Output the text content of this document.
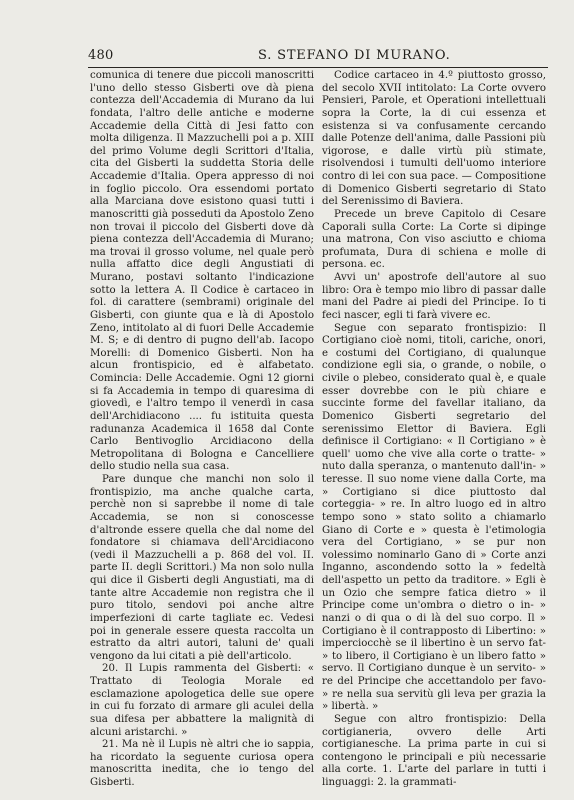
480	S. STEFANO DI MURANO.

comunica di tenere due piccoli manoscritti l'uno dello stesso Gisberti ove dà piena contezza dell'Accademia di Murano da lui fondata, l'altro delle antiche e moderne Accademie della Città di Jesi fatto con molta diligenza. Il Mazzuchelli poi a p. XIII del primo Volume degli Scrittori d'Italia, cita del Gisberti la suddetta Storia delle Accademie d'Italia. Opera appresso di noi in foglio piccolo. Ora essendomi portato alla Marciana dove esistono quasi tutti i manoscritti già posseduti da Apostolo Zeno non trovai il piccolo del Gisberti dove dà piena contezza dell'Accademia di Murano; ma trovai il grosso volume, nel quale però nulla affatto dice degli Angustiati di Murano, postavi soltanto l'indicazione sotto la lettera A. Il Codice è cartaceo in fol. di carattere (sembrami) originale del Gisberti, con giunte qua e là di Apostolo Zeno, intitolato al di fuori Delle Accademie M. S; e di dentro di pugno dell'ab. Iacopo Morelli: di Domenico Gisberti. Non ha alcun frontispicio, ed è alfabetato. Comincia: Delle Accademie. Ogni 12 giorni si fa Accademia in tempo di quaresima di giovedì, e l'altro tempo il venerdì in casa dell'Archidiacono .... fu istituita questa radunanza Academica il 1658 dal Conte Carlo Bentivoglio Arcidiacono della Metropolitana di Bologna e Cancelliere dello studio nella sua casa.

Pare dunque che manchi non solo il frontispizio, ma anche qualche carta, perchè non si saprebbe il nome di tale Accademia, se non si conoscesse d'altronde essere quella che dal nome del fondatore si chiamava dell'Arcidiacono (vedi il Mazzuchelli a p. 868 del vol. II. parte II. degli Scrittori.) Ma non solo nulla qui dice il Gisberti degli Angustiati, ma di tante altre Accademie non registra che il puro titolo, sendovi poi anche altre imperfezioni di carte tagliate ec. Vedesi poi in generale essere questa raccolta un estratto da altri autori, taluni de' quali vengono da lui citati a piè dell'articolo.

20. Il Lupis rammenta del Gisberti: « Trattato di Teologia Morale ed esclamazione apologetica delle sue opere in cui fu forzato di armare gli aculei della sua difesa per abbattere la malignità di alcuni aristarchi. »

21. Ma nè il Lupis nè altri che io sappia, ha ricordato la seguente curiosa opera manoscritta inedita, che io tengo del Gisberti.

Codice cartaceo in 4.º piuttosto grosso, del secolo XVII intitolato: La Corte ovvero Pensieri, Parole, et Operationi intellettuali sopra la Corte, la di cui essenza et esistenza si va confusamente cercando dalle Potenze dell'anima, dalle Passioni più vigorose, e dalle virtù più stimate, risolvendosi i tumulti dell'uomo interiore contro di lei con sua pace. — Compositione di Domenico Gisberti segretario di Stato del Serenissimo di Baviera.

Precede un breve Capitolo di Cesare Caporali sulla Corte: La Corte si dipinge una matrona, Con viso asciutto e chioma profumata, Dura di schiena e molle di persona. ec.

Avvi un' apostrofe dell'autore al suo libro: Ora è tempo mio libro di passar dalle mani del Padre ai piedi del Principe. Io ti feci nascer, egli ti farà vivere ec.

Segue con separato frontispizio: Il Cortigiano cioè nomi, titoli, cariche, onori, e costumi del Cortigiano, di qualunque condizione egli sia, o grande, o nobile, o civile o plebeo, considerato qual è, e quale esser dovrebbe con le più chiare e succinte forme del favellar italiano, da Domenico Gisberti segretario del serenissimo Elettor di Baviera. Egli definisce il Cortigiano: « Il Cortigiano » è quell' uomo che vive alla corte o tratte- » nuto dalla speranza, o mantenuto dall'in- » teresse. Il suo nome viene dalla Corte, ma » Cortigiano si dice piuttosto dal corteggia- » re. In altro luogo ed in altro tempo sono » stato solito a chiamarlo Giano di Corte e » questa è l'etimologia vera del Cortigiano, » se pur non volessimo nominarlo Gano di » Corte anzi Inganno, ascondendo sotto la » fedeltà dell'aspetto un petto da traditore. » Egli è un Ozio che sempre fatica dietro » il Principe come un'ombra o dietro o in- » nanzi o di qua o di là del suo corpo. Il » Cortigiano è il contrapposto di Libertino: » imperciocchè se il libertino è un servo fat- » to libero, il Cortigiano è un libero fatto » servo. Il Cortigiano dunque è un servito- » re del Principe che accettandolo per favo- » re nella sua servitù gli leva per grazia la » libertà. »

Segue con altro frontispizio: Della cortigianeria, ovvero delle Arti cortigianesche. La prima parte in cui si contengono le principali e più necessarie alla corte. 1. L'arte del parlare in tutti i linguaggi: 2. la grammati-
